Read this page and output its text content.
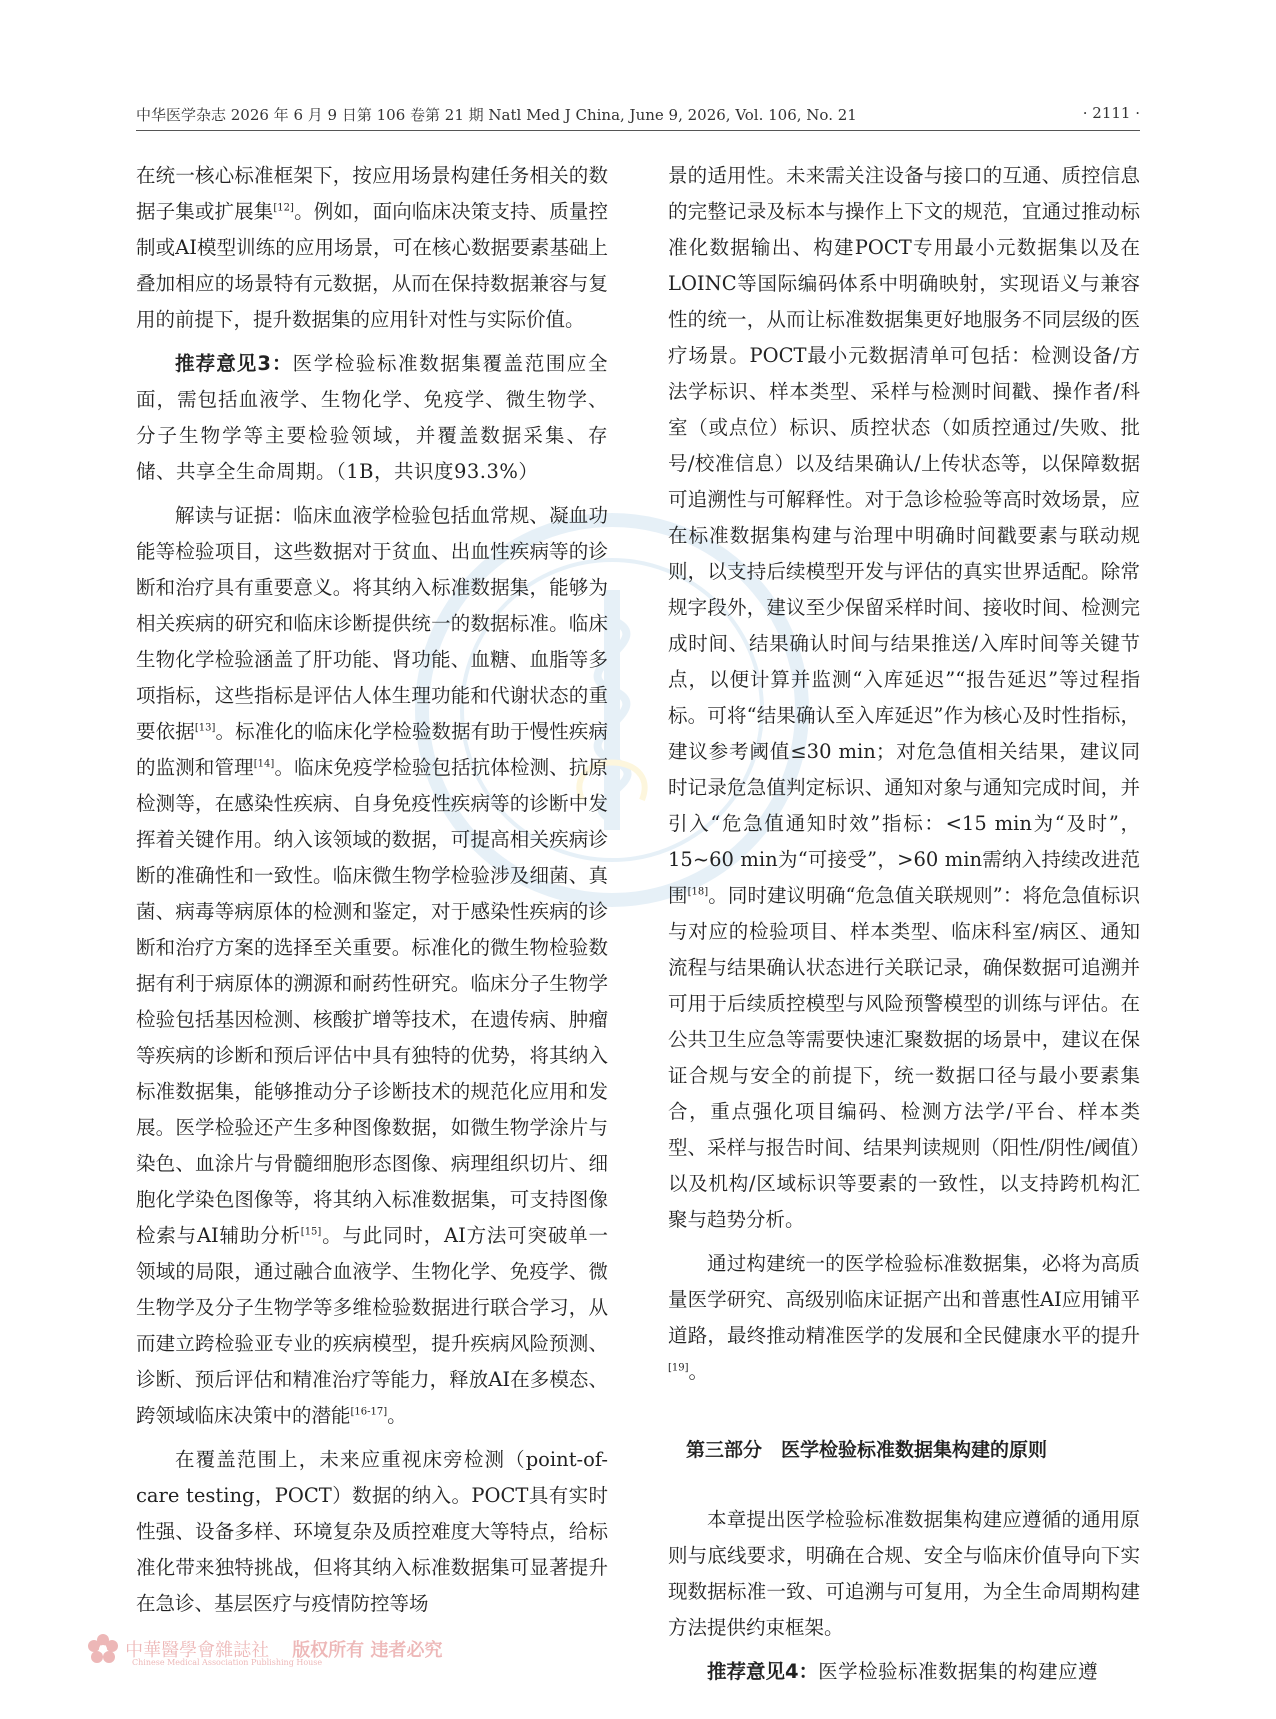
中华医学杂志 2026 年 6 月 9 日第 106 卷第 21 期 Natl Med J China, June 9, 2026, Vol. 106, No. 21	· 2111 ·

在统一核心标准框架下，按应用场景构建任务相关的数据子集或扩展集[12]。例如，面向临床决策支持、质量控制或AI模型训练的应用场景，可在核心数据要素基础上叠加相应的场景特有元数据，从而在保持数据兼容与复用的前提下，提升数据集的应用针对性与实际价值。

推荐意见3：医学检验标准数据集覆盖范围应全面，需包括血液学、生物化学、免疫学、微生物学、分子生物学等主要检验领域，并覆盖数据采集、存储、共享全生命周期。（1B，共识度93.3%）

解读与证据：临床血液学检验包括血常规、凝血功能等检验项目，这些数据对于贫血、出血性疾病等的诊断和治疗具有重要意义。将其纳入标准数据集，能够为相关疾病的研究和临床诊断提供统一的数据标准。临床生物化学检验涵盖了肝功能、肾功能、血糖、血脂等多项指标，这些指标是评估人体生理功能和代谢状态的重要依据[13]。标准化的临床化学检验数据有助于慢性疾病的监测和管理[14]。临床免疫学检验包括抗体检测、抗原检测等，在感染性疾病、自身免疫性疾病等的诊断中发挥着关键作用。纳入该领域的数据，可提高相关疾病诊断的准确性和一致性。临床微生物学检验涉及细菌、真菌、病毒等病原体的检测和鉴定，对于感染性疾病的诊断和治疗方案的选择至关重要。标准化的微生物检验数据有利于病原体的溯源和耐药性研究。临床分子生物学检验包括基因检测、核酸扩增等技术，在遗传病、肿瘤等疾病的诊断和预后评估中具有独特的优势，将其纳入标准数据集，能够推动分子诊断技术的规范化应用和发展。医学检验还产生多种图像数据，如微生物学涂片与染色、血涂片与骨髓细胞形态图像、病理组织切片、细胞化学染色图像等，将其纳入标准数据集，可支持图像检索与AI辅助分析[15]。与此同时，AI方法可突破单一领域的局限，通过融合血液学、生物化学、免疫学、微生物学及分子生物学等多维检验数据进行联合学习，从而建立跨检验亚专业的疾病模型，提升疾病风险预测、诊断、预后评估和精准治疗等能力，释放AI在多模态、跨领域临床决策中的潜能[16-17]。

在覆盖范围上，未来应重视床旁检测（point-of-care testing，POCT）数据的纳入。POCT具有实时性强、设备多样、环境复杂及质控难度大等特点，给标准化带来独特挑战，但将其纳入标准数据集可显著提升在急诊、基层医疗与疫情防控等场

景的适用性。未来需关注设备与接口的互通、质控信息的完整记录及标本与操作上下文的规范，宜通过推动标准化数据输出、构建POCT专用最小元数据集以及在LOINC等国际编码体系中明确映射，实现语义与兼容性的统一，从而让标准数据集更好地服务不同层级的医疗场景。POCT最小元数据清单可包括：检测设备/方法学标识、样本类型、采样与检测时间戳、操作者/科室（或点位）标识、质控状态（如质控通过/失败、批号/校准信息）以及结果确认/上传状态等，以保障数据可追溯性与可解释性。对于急诊检验等高时效场景，应在标准数据集构建与治理中明确时间戳要素与联动规则，以支持后续模型开发与评估的真实世界适配。除常规字段外，建议至少保留采样时间、接收时间、检测完成时间、结果确认时间与结果推送/入库时间等关键节点，以便计算并监测“入库延迟”“报告延迟”等过程指标。可将“结果确认至入库延迟”作为核心及时性指标，建议参考阈值≤30 min；对危急值相关结果，建议同时记录危急值判定标识、通知对象与通知完成时间，并引入“危急值通知时效”指标：<15 min为“及时”，15~60 min为“可接受”，>60 min需纳入持续改进范围[18]。同时建议明确“危急值关联规则”：将危急值标识与对应的检验项目、样本类型、临床科室/病区、通知流程与结果确认状态进行关联记录，确保数据可追溯并可用于后续质控模型与风险预警模型的训练与评估。在公共卫生应急等需要快速汇聚数据的场景中，建议在保证合规与安全的前提下，统一数据口径与最小要素集合，重点强化项目编码、检测方法学/平台、样本类型、采样与报告时间、结果判读规则（阳性/阴性/阈值）以及机构/区域标识等要素的一致性，以支持跨机构汇聚与趋势分析。

通过构建统一的医学检验标准数据集，必将为高质量医学研究、高级别临床证据产出和普惠性AI应用铺平道路，最终推动精准医学的发展和全民健康水平的提升[19]。

第三部分　医学检验标准数据集构建的原则

本章提出医学检验标准数据集构建应遵循的通用原则与底线要求，明确在合规、安全与临床价值导向下实现数据标准一致、可追溯与可复用，为全生命周期构建方法提供约束框架。

推荐意见4：医学检验标准数据集的构建应遵

中華醫學會雜誌社 版权所有 违者必究
Chinese Medical Association Publishing House
